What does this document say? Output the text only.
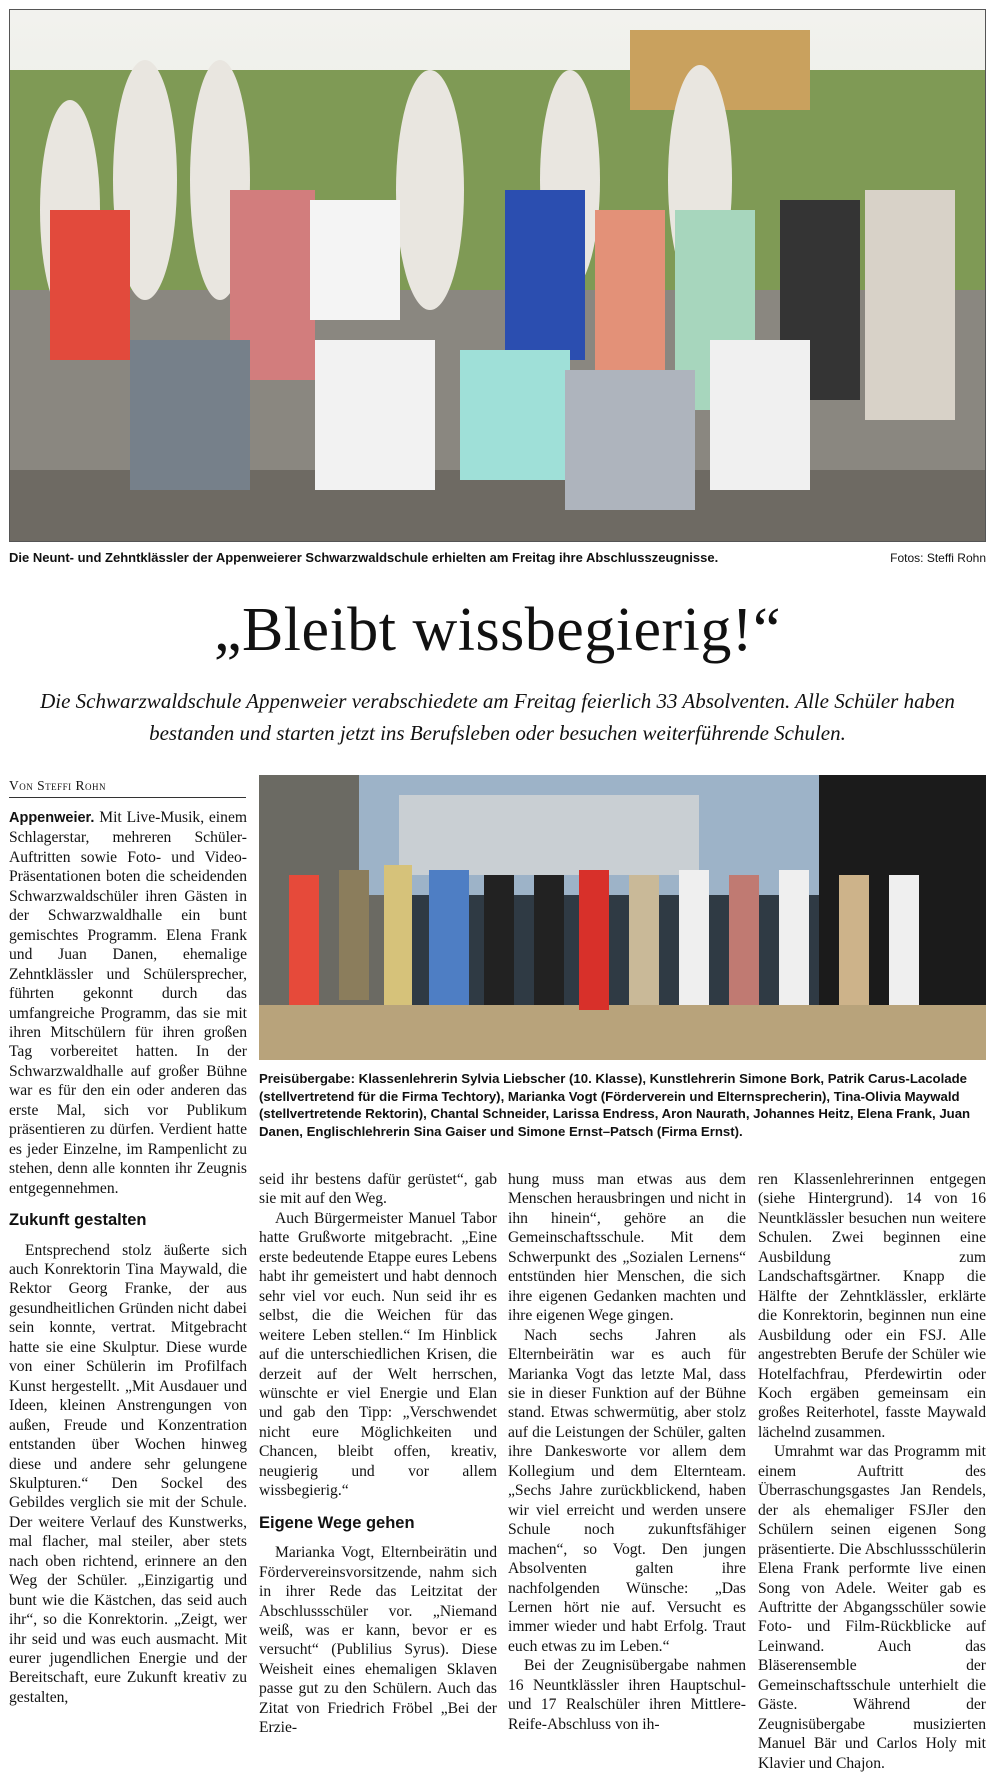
Die Neunt- und Zehntklässler der Appenweierer Schwarzwaldschule erhielten am Freitag ihre Abschlusszeugnisse.	Fotos: Steffi Rohn
„Bleibt wissbegierig!“
Die Schwarzwaldschule Appenweier verabschiedete am Freitag feierlich 33 Absolventen. Alle Schüler haben bestanden und starten jetzt ins Berufsleben oder besuchen weiterführende Schulen.
Von Steffi Rohn

Appenweier. Mit Live-Musik, einem Schlagerstar, mehreren Schüler-Auftritten sowie Foto- und Video-Präsentationen boten die scheidenden Schwarzwaldschüler ihren Gästen in der Schwarzwaldhalle ein bunt gemischtes Programm. Elena Frank und Juan Danen, ehemalige Zehntklässler und Schülersprecher, führten gekonnt durch das umfangreiche Programm, das sie mit ihren Mitschülern für ihren großen Tag vorbereitet hatten. In der Schwarzwaldhalle auf großer Bühne war es für den ein oder anderen das erste Mal, sich vor Publikum präsentieren zu dürfen. Verdient hatte es jeder Einzelne, im Rampenlicht zu stehen, denn alle konnten ihr Zeugnis entgegennehmen.

Zukunft gestalten

Entsprechend stolz äußerte sich auch Konrektorin Tina Maywald, die Rektor Georg Franke, der aus gesundheitlichen Gründen nicht dabei sein konnte, vertrat. Mitgebracht hatte sie eine Skulptur. Diese wurde von einer Schülerin im Profilfach Kunst hergestellt. „Mit Ausdauer und Ideen, kleinen Anstrengungen von außen, Freude und Konzentration entstanden über Wochen hinweg diese und andere sehr gelungene Skulpturen.“ Den Sockel des Gebildes verglich sie mit der Schule. Der weitere Verlauf des Kunstwerks, mal flacher, mal steiler, aber stets nach oben richtend, erinnere an den Weg der Schüler. „Einzigartig und bunt wie die Kästchen, das seid auch ihr“, so die Konrektorin. „Zeigt, wer ihr seid und was euch ausmacht. Mit eurer jugendlichen Energie und der Bereitschaft, eure Zukunft kreativ zu gestalten,

Preisübergabe: Klassenlehrerin Sylvia Liebscher (10. Klasse), Kunstlehrerin Simone Bork, Patrik Carus-Lacolade (stellvertretend für die Firma Techtory), Marianka Vogt (Förderverein und Elternsprecherin), Tina-Olivia Maywald (stellvertretende Rektorin), Chantal Schneider, Larissa Endress, Aron Naurath, Johannes Heitz, Elena Frank, Juan Danen, Englischlehrerin Sina Gaiser und Simone Ernst–Patsch (Firma Ernst).

seid ihr bestens dafür gerüstet“, gab sie mit auf den Weg.

Auch Bürgermeister Manuel Tabor hatte Grußworte mitgebracht. „Eine erste bedeutende Etappe eures Lebens habt ihr gemeistert und habt dennoch sehr viel vor euch. Nun seid ihr es selbst, die die Weichen für das weitere Leben stellen.“ Im Hinblick auf die unterschiedlichen Krisen, die derzeit auf der Welt herrschen, wünschte er viel Energie und Elan und gab den Tipp: „Verschwendet nicht eure Möglichkeiten und Chancen, bleibt offen, kreativ, neugierig und vor allem wissbegierig.“

Eigene Wege gehen

Marianka Vogt, Elternbeirätin und Fördervereinsvorsitzende, nahm sich in ihrer Rede das Leitzitat der Abschlussschüler vor. „Niemand weiß, was er kann, bevor er es versucht“ (Publilius Syrus). Diese Weisheit eines ehemaligen Sklaven passe gut zu den Schülern. Auch das Zitat von Friedrich Fröbel „Bei der Erzie-

hung muss man etwas aus dem Menschen herausbringen und nicht in ihn hinein“, gehöre an die Gemeinschaftsschule. Mit dem Schwerpunkt des „Sozialen Lernens“ entstünden hier Menschen, die sich ihre eigenen Gedanken machten und ihre eigenen Wege gingen.

Nach sechs Jahren als Elternbeirätin war es auch für Marianka Vogt das letzte Mal, dass sie in dieser Funktion auf der Bühne stand. Etwas schwermütig, aber stolz auf die Leistungen der Schüler, galten ihre Dankesworte vor allem dem Kollegium und dem Elternteam. „Sechs Jahre zurückblickend, haben wir viel erreicht und werden unsere Schule noch zukunftsfähiger machen“, so Vogt. Den jungen Absolventen galten ihre nachfolgenden Wünsche: „Das Lernen hört nie auf. Versucht es immer wieder und habt Erfolg. Traut euch etwas zu im Leben.“

Bei der Zeugnisübergabe nahmen 16 Neuntklässler ihren Hauptschul- und 17 Realschüler ihren Mittlere-Reife-Abschluss von ih-

ren Klassenlehrerinnen entgegen (siehe Hintergrund). 14 von 16 Neuntklässler besuchen nun weitere Schulen. Zwei beginnen eine Ausbildung zum Landschaftsgärtner. Knapp die Hälfte der Zehntklässler, erklärte die Konrektorin, beginnen nun eine Ausbildung oder ein FSJ. Alle angestrebten Berufe der Schüler wie Hotelfachfrau, Pferdewirtin oder Koch ergäben gemeinsam ein großes Reiterhotel, fasste Maywald lächelnd zusammen.

Umrahmt war das Programm mit einem Auftritt des Überraschungsgastes Jan Rendels, der als ehemaliger FSJler den Schülern seinen eigenen Song präsentierte. Die Abschlussschülerin Elena Frank performte live einen Song von Adele. Weiter gab es Auftritte der Abgangsschüler sowie Foto- und Film-Rückblicke auf Leinwand. Auch das Bläserensemble der Gemeinschaftsschule unterhielt die Gäste. Während der Zeugnisübergabe musizierten Manuel Bär und Carlos Holy mit Klavier und Chajon.
